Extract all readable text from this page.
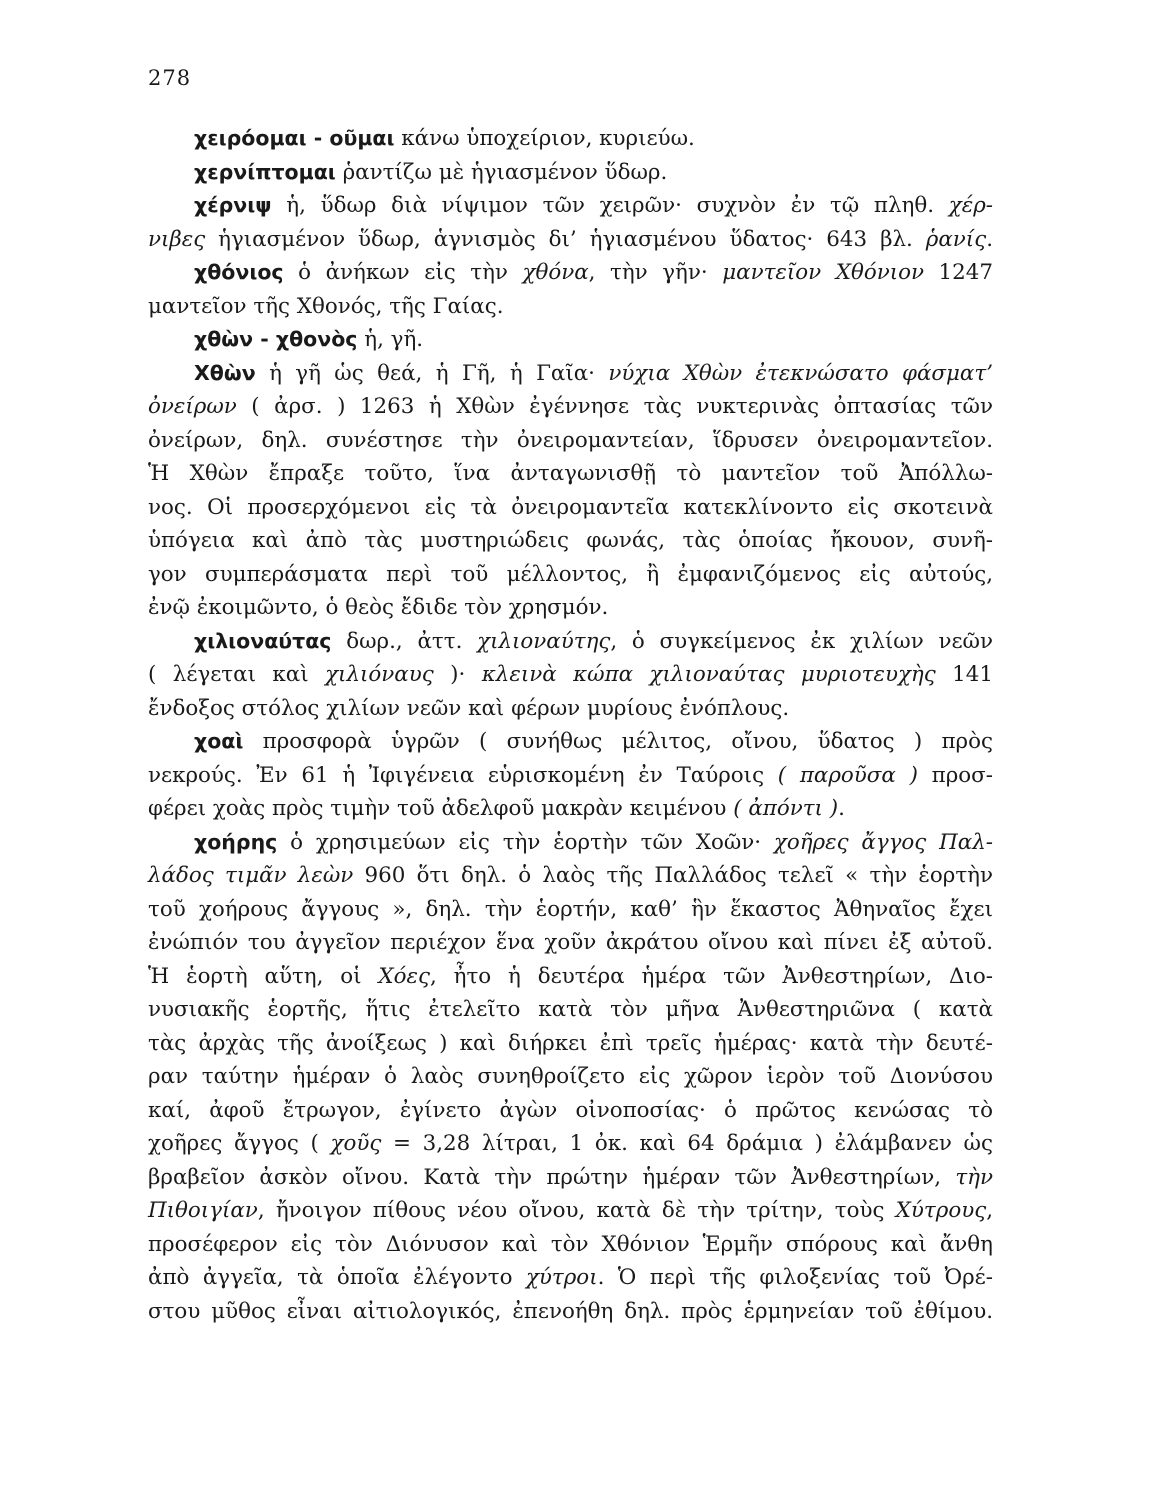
278
χειρόομαι - οῦμαι κάνω ὑποχείριον, κυριεύω.
χερνίπτομαι ῥαντίζω μὲ ἡγιασμένον ὕδωρ.
χέρνιψ ἡ, ὕδωρ διὰ νίψιμον τῶν χειρῶν· συχνὸν ἐν τῷ πληθ. χέρ-
νιβες ἡγιασμένον ὕδωρ, ἁγνισμὸς δι’ ἡγιασμένου ὕδατος· 643 βλ. ῥανίς.
χθόνιος ὁ ἀνήκων εἰς τὴν χθόνα, τὴν γῆν· μαντεῖον Χθόνιον 1247
μαντεῖον τῆς Χθονός, τῆς Γαίας.
χθὼν - χθονὸς ἡ, γῆ.
Χθὼν ἡ γῆ ὡς θεά, ἡ Γῆ, ἡ Γαῖα· νύχια Χθὼν ἐτεκνώσατο φάσματ’
ὀνείρων ( ἀρσ. ) 1263 ἡ Χθὼν ἐγέννησε τὰς νυκτερινὰς ὀπτασίας τῶν
ὀνείρων, δηλ. συνέστησε τὴν ὀνειρομαντείαν, ἵδρυσεν ὀνειρομαντεῖον.
Ἡ Χθὼν ἔπραξε τοῦτο, ἵνα ἀνταγωνισθῇ τὸ μαντεῖον τοῦ Ἀπόλλω-
νος. Οἱ προσερχόμενοι εἰς τὰ ὀνειρομαντεῖα κατεκλίνοντο εἰς σκοτεινὰ
ὑπόγεια καὶ ἀπὸ τὰς μυστηριώδεις φωνάς, τὰς ὁποίας ἤκουον, συνῆ-
γον συμπεράσματα περὶ τοῦ μέλλοντος, ἢ ἐμφανιζόμενος εἰς αὐτούς,
ἐνῷ ἐκοιμῶντο, ὁ θεὸς ἔδιδε τὸν χρησμόν.
χιλιοναύτας δωρ., ἀττ. χιλιοναύτης, ὁ συγκείμενος ἐκ χιλίων νεῶν
( λέγεται καὶ χιλιόναυς )· κλεινὰ κώπα χιλιοναύτας μυριοτευχὴς 141
ἔνδοξος στόλος χιλίων νεῶν καὶ φέρων μυρίους ἐνόπλους.
χοαὶ προσφορὰ ὑγρῶν ( συνήθως μέλιτος, οἴνου, ὕδατος ) πρὸς
νεκρούς. Ἐν 61 ἡ Ἰφιγένεια εὑρισκομένη ἐν Ταύροις ( παροῦσα ) προσ-
φέρει χοὰς πρὸς τιμὴν τοῦ ἀδελφοῦ μακρὰν κειμένου ( ἀπόντι ).
χοήρης ὁ χρησιμεύων εἰς τὴν ἑορτὴν τῶν Χοῶν· χοῆρες ἄγγος Παλ-
λάδος τιμᾶν λεὼν 960 ὅτι δηλ. ὁ λαὸς τῆς Παλλάδος τελεῖ « τὴν ἑορτὴν
τοῦ χοήρους ἄγγους », δηλ. τὴν ἑορτήν, καθ’ ἣν ἕκαστος Ἀθηναῖος ἔχει
ἐνώπιόν του ἀγγεῖον περιέχον ἕνα χοῦν ἀκράτου οἴνου καὶ πίνει ἐξ αὐτοῦ.
Ἡ ἑορτὴ αὕτη, οἱ Χόες, ἦτο ἡ δευτέρα ἡμέρα τῶν Ἀνθεστηρίων, Διο-
νυσιακῆς ἑορτῆς, ἥτις ἐτελεῖτο κατὰ τὸν μῆνα Ἀνθεστηριῶνα ( κατὰ
τὰς ἀρχὰς τῆς ἀνοίξεως ) καὶ διήρκει ἐπὶ τρεῖς ἡμέρας· κατὰ τὴν δευτέ-
ραν ταύτην ἡμέραν ὁ λαὸς συνηθροίζετο εἰς χῶρον ἱερὸν τοῦ Διονύσου
καί, ἀφοῦ ἔτρωγον, ἐγίνετο ἀγὼν οἰνοποσίας· ὁ πρῶτος κενώσας τὸ
χοῆρες ἄγγος ( χοῦς = 3,28 λίτραι, 1 ὀκ. καὶ 64 δράμια ) ἐλάμβανεν ὡς
βραβεῖον ἀσκὸν οἴνου. Κατὰ τὴν πρώτην ἡμέραν τῶν Ἀνθεστηρίων, τὴν
Πιθοιγίαν, ἤνοιγον πίθους νέου οἴνου, κατὰ δὲ τὴν τρίτην, τοὺς Χύτρους,
προσέφερον εἰς τὸν Διόνυσον καὶ τὸν Χθόνιον Ἑρμῆν σπόρους καὶ ἄνθη
ἀπὸ ἀγγεῖα, τὰ ὁποῖα ἐλέγοντο χύτροι. Ὁ περὶ τῆς φιλοξενίας τοῦ Ὀρέ-
στου μῦθος εἶναι αἰτιολογικός, ἐπενοήθη δηλ. πρὸς ἑρμηνείαν τοῦ ἐθίμου.
